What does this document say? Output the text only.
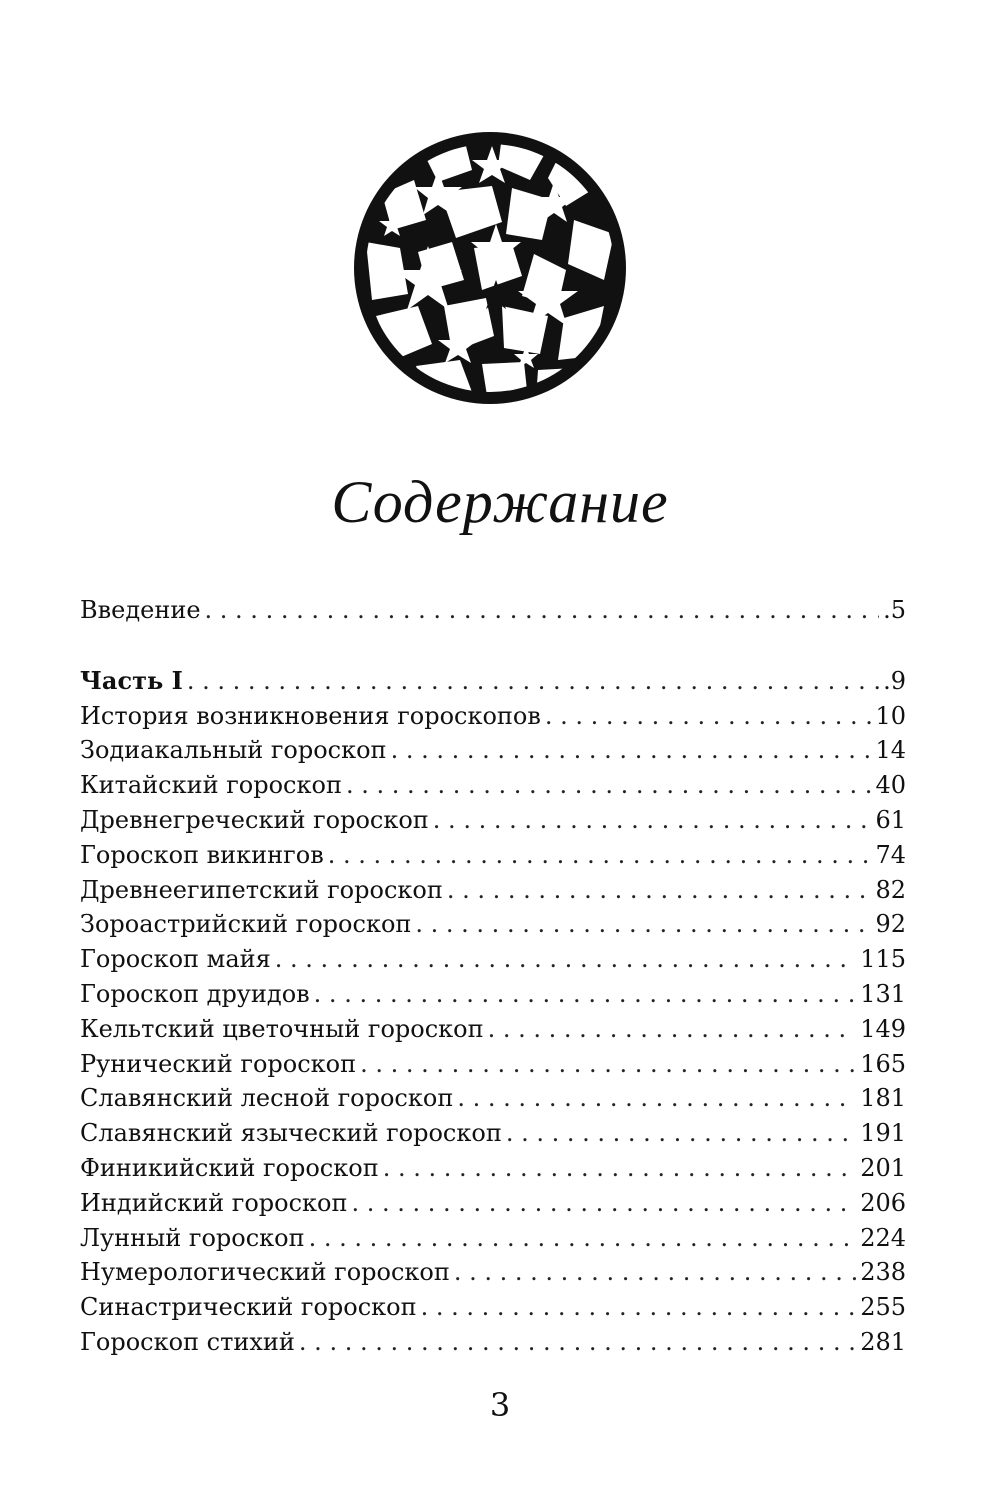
Содержание
Введение . . .	.5
Часть I . . .	.9
История возникновения гороскопов . . .	10
Зодиакальный гороскоп . . .	14
Китайский гороскоп . . .	40
Древнегреческий гороскоп . . .	61
Гороскоп викингов . . .	74
Древнеегипетский гороскоп . . .	82
Зороастрийский гороскоп . . .	92
Гороскоп майя . . .	115
Гороскоп друидов . . .	131
Кельтский цветочный гороскоп . . .	149
Рунический гороскоп . . .	165
Славянский лесной гороскоп . . .	181
Славянский языческий гороскоп . . .	191
Финикийский гороскоп . . .	201
Индийский гороскоп . . .	206
Лунный гороскоп . . .	224
Нумерологический гороскоп . . .	238
Синастрический гороскоп . . .	255
Гороскоп стихий . . .	281
3
